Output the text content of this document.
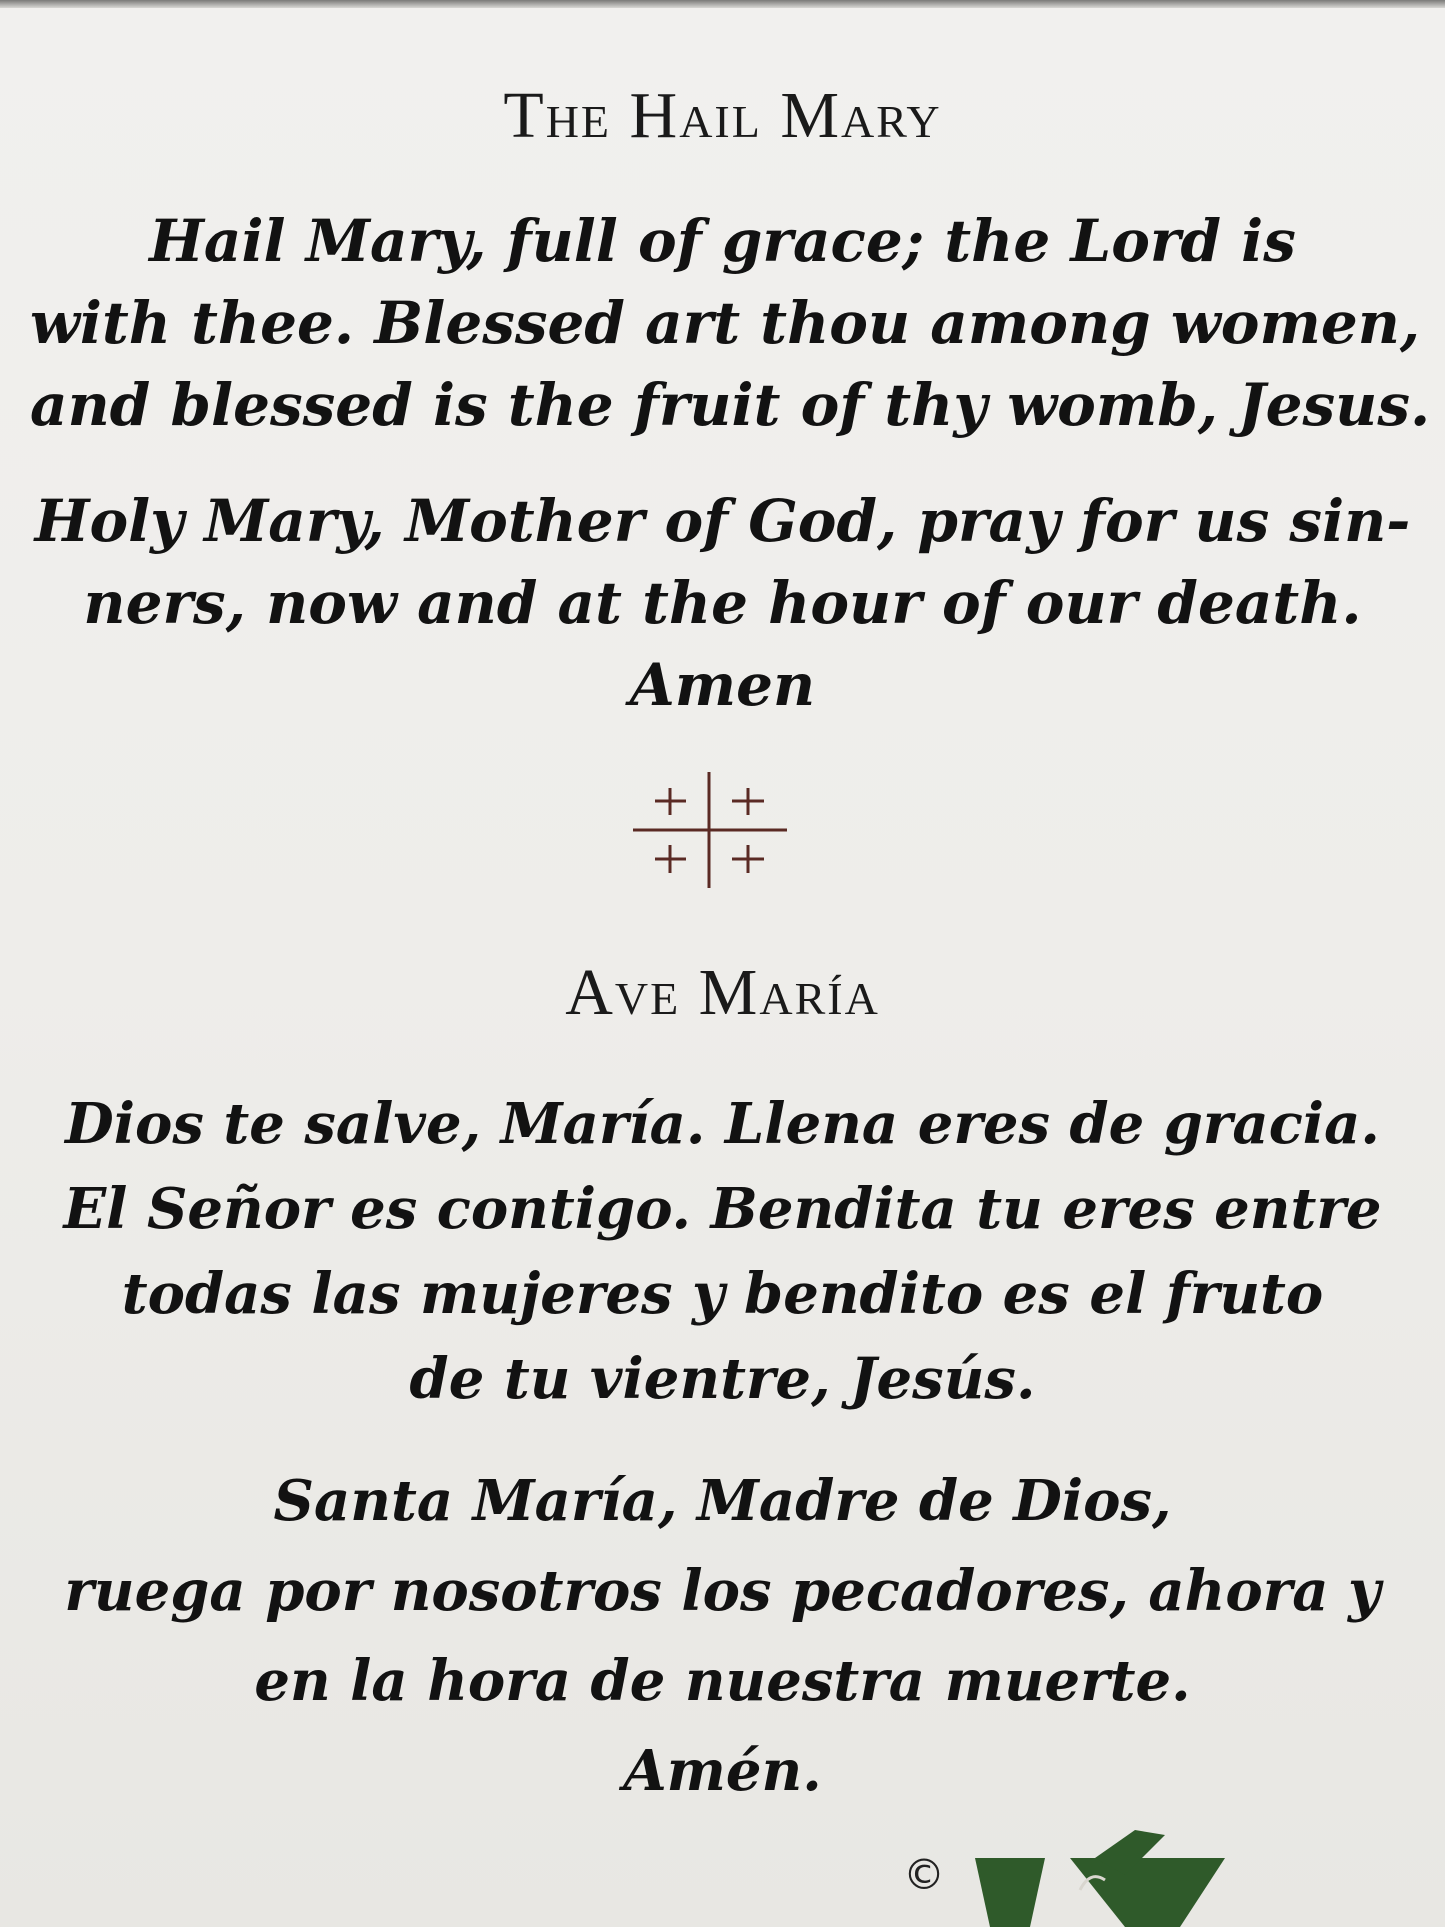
The Hail Mary
Hail Mary, full of grace; the Lord is
with thee. Blessed art thou among women,
and blessed is the fruit of thy womb, Jesus.
Holy Mary, Mother of God, pray for us sin-
ners, now and at the hour of our death.
Amen
Ave María
Dios te salve, María. Llena eres de gracia.
El Señor es contigo. Bendita tu eres entre
todas las mujeres y bendito es el fruto
de tu vientre, Jesús.
Santa María, Madre de Dios,
ruega por nosotros los pecadores, ahora y
en la hora de nuestra muerte.
Amén.
©
